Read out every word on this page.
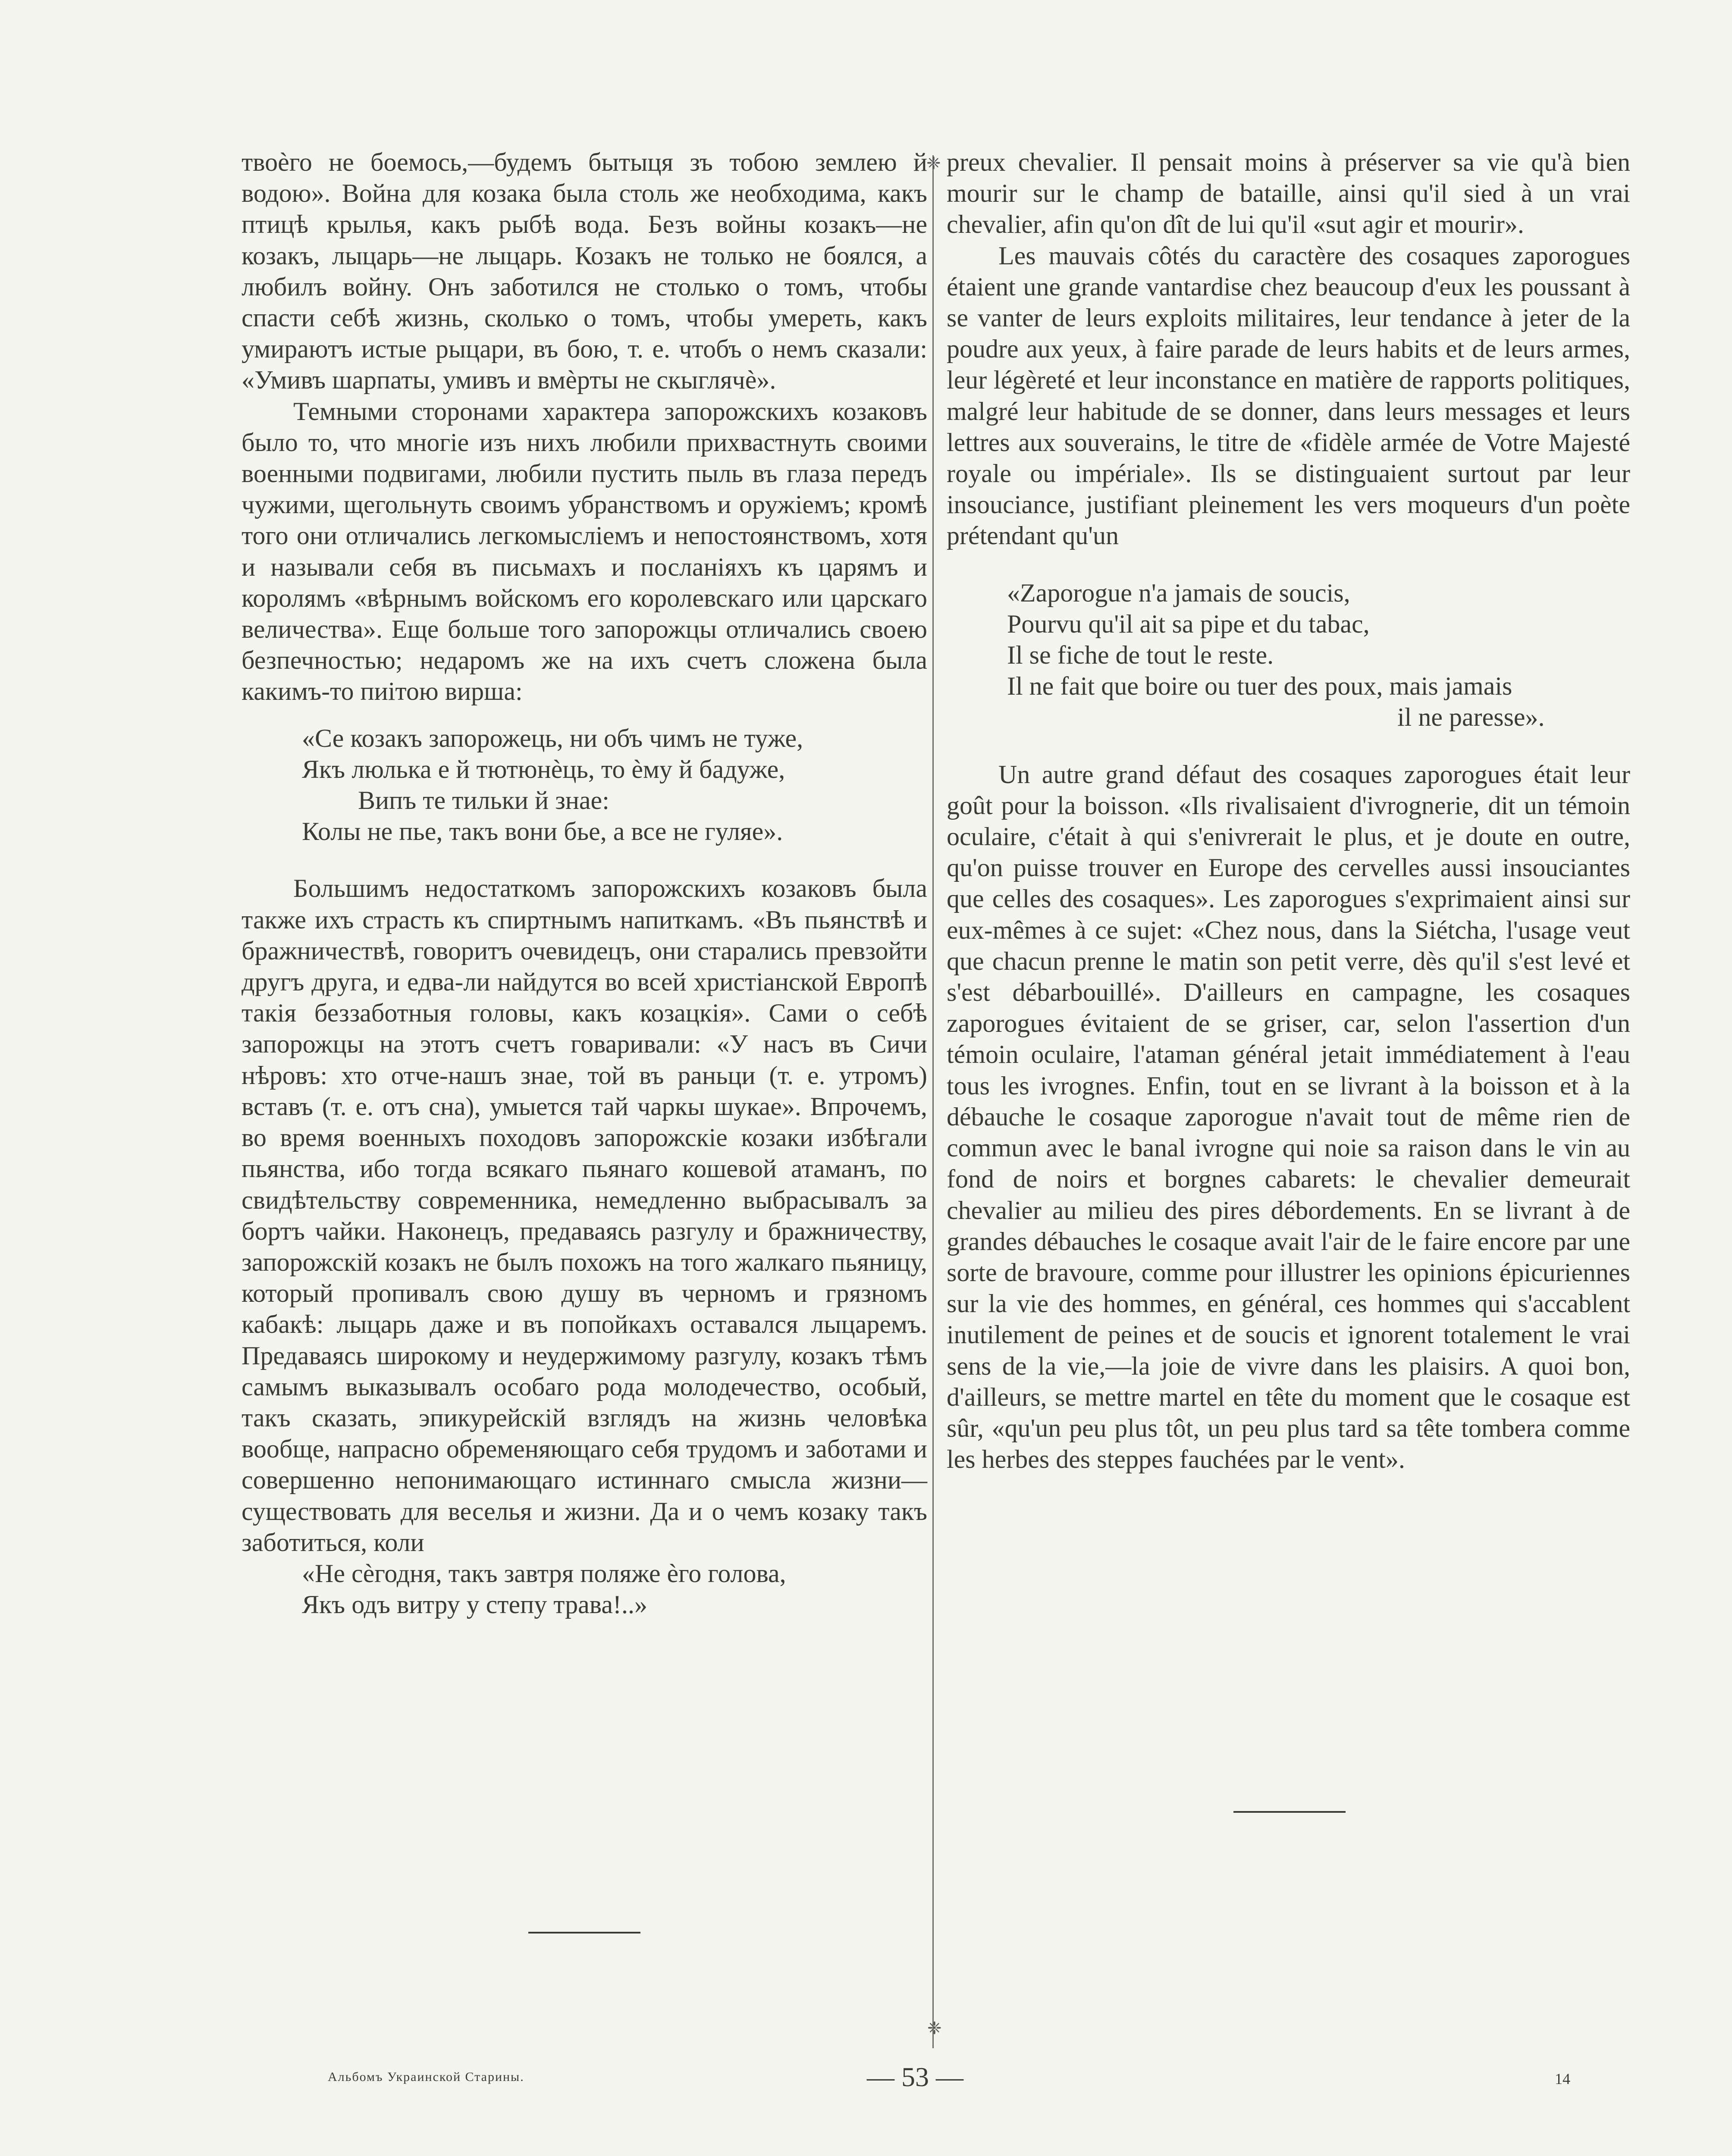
твоѐго не боемось,—будемъ бытыця зъ тобою землею й водою». Война для козака была столь же необходима, какъ птицѣ крылья, какъ рыбѣ вода. Безъ войны козакъ—не козакъ, лыцарь—не лыцарь. Козакъ не только не боялся, а любилъ войну. Онъ заботился не столько о томъ, чтобы спасти себѣ жизнь, сколько о томъ, чтобы умереть, какъ умираютъ истые рыцари, въ бою, т. е. чтобъ о немъ сказали: «Умивъ шарпаты, умивъ и вмѐрты не скыглячѐ».

Темными сторонами характера запорожскихъ козаковъ было то, что многіе изъ нихъ любили прихвастнуть своими военными подвигами, любили пустить пыль въ глаза передъ чужими, щегольнуть своимъ убранствомъ и оружіемъ; кромѣ того они отличались легкомысліемъ и непостоянствомъ, хотя и называли себя въ письмахъ и посланіяхъ къ царямъ и королямъ «вѣрнымъ войскомъ его королевскаго или царскаго величества». Еще больше того запорожцы отличались своею безпечностью; недаромъ же на ихъ счетъ сложена была какимъ-то пиітою вирша:

«Се козакъ запорожець, ни объ чимъ не туже,
Якъ люлька е й тютюнѐць, то ѐму й бадуже,
Випъ те тильки й знае:
Колы не пье, такъ вони бье, а все не гуляе».

Большимъ недостаткомъ запорожскихъ козаковъ была также ихъ страсть къ спиртнымъ напиткамъ. «Въ пьянствѣ и бражничествѣ, говоритъ очевидецъ, они старались превзойти другъ друга, и едва-ли найдутся во всей христіанской Европѣ такія беззаботныя головы, какъ козацкія». Сами о себѣ запорожцы на этотъ счетъ говаривали: «У насъ въ Сичи нѣровъ: хто отче-нашъ знае, той въ раньци (т. е. утромъ) вставъ (т. е. отъ сна), умыется тай чаркы шукае». Впрочемъ, во время военныхъ походовъ запорожскіе козаки избѣгали пьянства, ибо тогда всякаго пьянаго кошевой атаманъ, по свидѣтельству современника, немедленно выбрасывалъ за бортъ чайки. Наконецъ, предаваясь разгулу и бражничеству, запорожскій козакъ не былъ похожъ на того жалкаго пьяницу, который пропивалъ свою душу въ черномъ и грязномъ кабакѣ: лыцарь даже и въ попойкахъ оставался лыцаремъ. Предаваясь широкому и неудержимому разгулу, козакъ тѣмъ самымъ выказывалъ особаго рода молодечество, особый, такъ сказать, эпикурейскій взглядъ на жизнь человѣка вообще, напрасно обременяющаго себя трудомъ и заботами и совершенно непонимающаго истиннаго смысла жизни—существовать для веселья и жизни. Да и о чемъ козаку такъ заботиться, коли

«Не сѐгодня, такъ завтря поляже ѐго голова,
Якъ одъ витру у степу трава!..»
❈
❈

preux chevalier. Il pensait moins à préserver sa vie qu'à bien mourir sur le champ de bataille, ainsi qu'il sied à un vrai chevalier, afin qu'on dît de lui qu'il «sut agir et mourir».

Les mauvais côtés du caractère des cosaques zaporogues étaient une grande vantardise chez beaucoup d'eux les poussant à se vanter de leurs exploits militaires, leur tendance à jeter de la poudre aux yeux, à faire parade de leurs habits et de leurs armes, leur légèreté et leur inconstance en matière de rapports politiques, malgré leur habitude de se donner, dans leurs messages et leurs lettres aux souverains, le titre de «fidèle armée de Votre Majesté royale ou impériale». Ils se distinguaient surtout par leur insouciance, justifiant pleinement les vers moqueurs d'un poète prétendant qu'un

«Zaporogue n'a jamais de soucis,
Pourvu qu'il ait sa pipe et du tabac,
Il se fiche de tout le reste.
Il ne fait que boire ou tuer des poux, mais jamais
il ne paresse».

Un autre grand défaut des cosaques zaporogues était leur goût pour la boisson. «Ils rivalisaient d'ivrognerie, dit un témoin oculaire, c'était à qui s'enivrerait le plus, et je doute en outre, qu'on puisse trouver en Europe des cervelles aussi insouciantes que celles des cosaques». Les zaporogues s'exprimaient ainsi sur eux-mêmes à ce sujet: «Chez nous, dans la Siétcha, l'usage veut que chacun prenne le matin son petit verre, dès qu'il s'est levé et s'est débarbouillé». D'ailleurs en campagne, les cosaques zaporogues évitaient de se griser, car, selon l'assertion d'un témoin oculaire, l'ataman général jetait immédiatement à l'eau tous les ivrognes. Enfin, tout en se livrant à la boisson et à la débauche le cosaque zaporogue n'avait tout de même rien de commun avec le banal ivrogne qui noie sa raison dans le vin au fond de noirs et borgnes cabarets: le chevalier demeurait chevalier au milieu des pires débordements. En se livrant à de grandes débauches le cosaque avait l'air de le faire encore par une sorte de bravoure, comme pour illustrer les opinions épicuriennes sur la vie des hommes, en général, ces hommes qui s'accablent inutilement de peines et de soucis et ignorent totalement le vrai sens de la vie,—la joie de vivre dans les plaisirs. A quoi bon, d'ailleurs, se mettre martel en tête du moment que le cosaque est sûr, «qu'un peu plus tôt, un peu plus tard sa tête tombera comme les herbes des steppes fauchées par le vent».

Альбомъ Украинской Старины.	— 53 —	14
